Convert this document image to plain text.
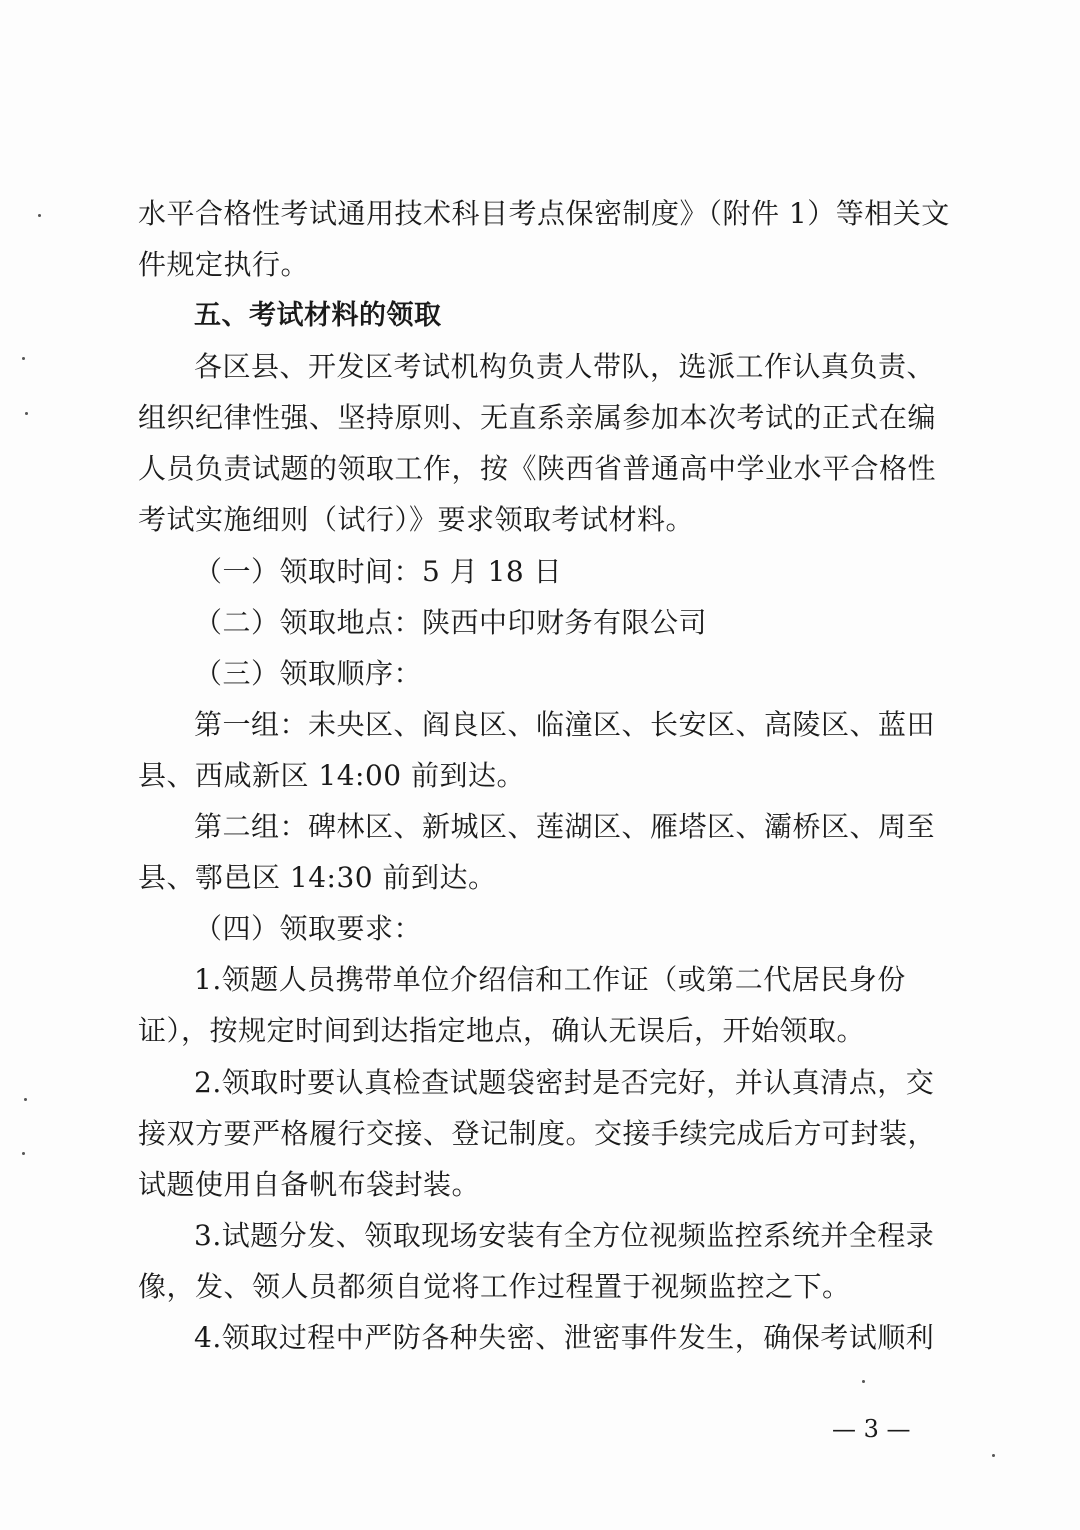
水平合格性考试通用技术科目考点保密制度》（附件 1）等相关文
件规定执行。
五、考试材料的领取
各区县、开发区考试机构负责人带队，选派工作认真负责、
组织纪律性强、坚持原则、无直系亲属参加本次考试的正式在编
人员负责试题的领取工作，按《陕西省普通高中学业水平合格性
考试实施细则（试行）》要求领取考试材料。
（一）领取时间：5 月 18 日
（二）领取地点：陕西中印财务有限公司
（三）领取顺序：
第一组：未央区、阎良区、临潼区、长安区、高陵区、蓝田
县、西咸新区 14:00 前到达。
第二组：碑林区、新城区、莲湖区、雁塔区、灞桥区、周至
县、鄠邑区 14:30 前到达。
（四）领取要求：
1.领题人员携带单位介绍信和工作证（或第二代居民身份
证），按规定时间到达指定地点，确认无误后，开始领取。
2.领取时要认真检查试题袋密封是否完好，并认真清点，交
接双方要严格履行交接、登记制度。交接手续完成后方可封装，
试题使用自备帆布袋封装。
3.试题分发、领取现场安装有全方位视频监控系统并全程录
像，发、领人员都须自觉将工作过程置于视频监控之下。
4.领取过程中严防各种失密、泄密事件发生，确保考试顺利
— 3 —
